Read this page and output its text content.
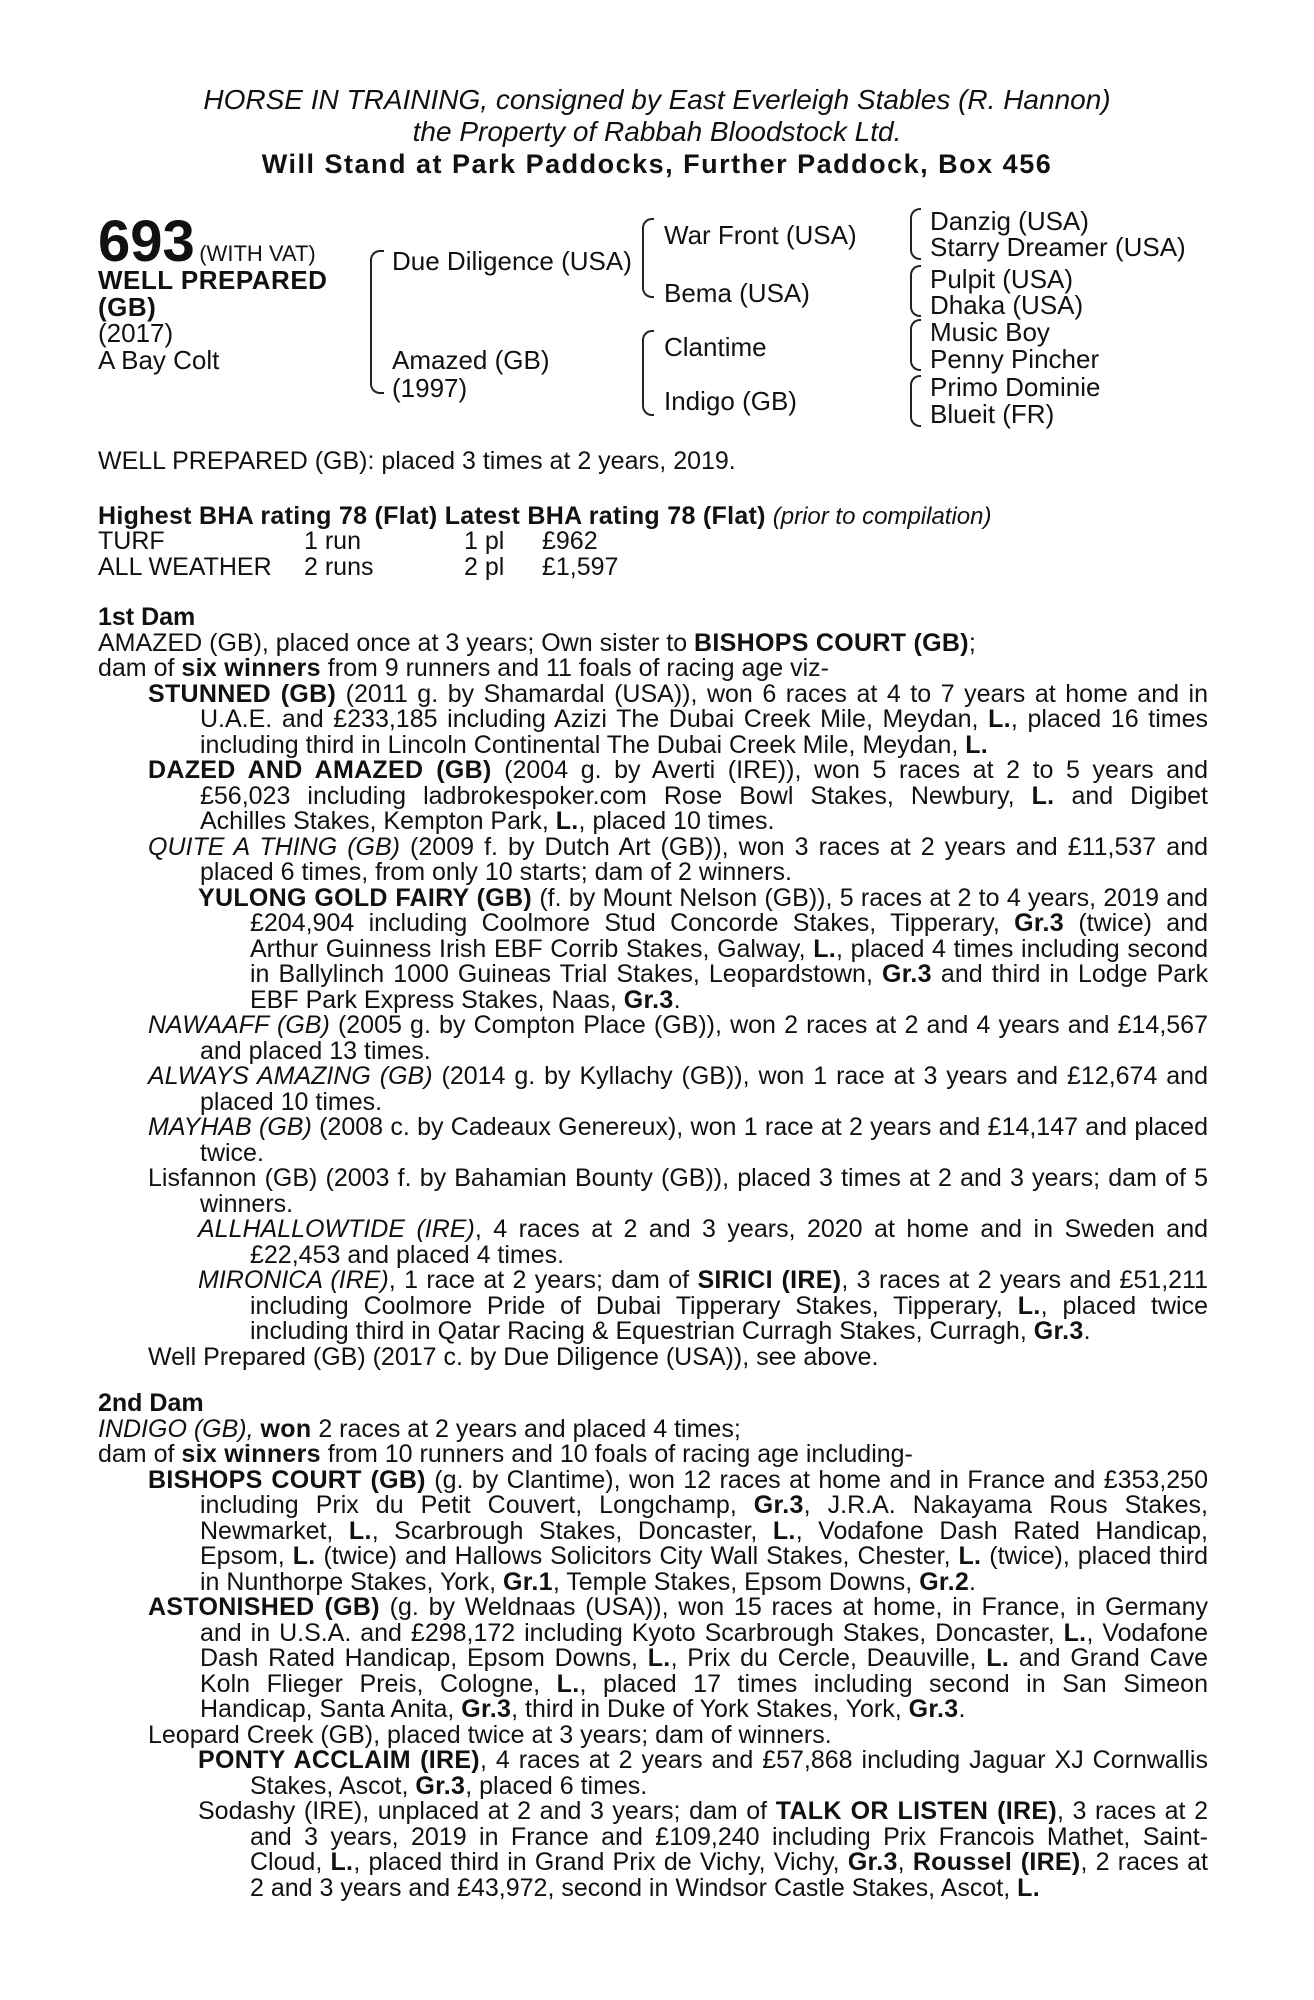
HORSE IN TRAINING, consigned by East Everleigh Stables (R. Hannon)
the Property of Rabbah Bloodstock Ltd.
Will Stand at Park Paddocks, Further Paddock, Box 456
693 (WITH VAT)
WELL PREPARED
(GB)
(2017)
A Bay Colt
Due Diligence (USA)
Amazed (GB)
(1997)
War Front (USA)
Bema (USA)
Clantime
Indigo (GB)
Danzig (USA)
Starry Dreamer (USA)
Pulpit (USA)
Dhaka (USA)
Music Boy
Penny Pincher
Primo Dominie
Blueit (FR)
WELL PREPARED (GB): placed 3 times at 2 years, 2019.
Highest BHA rating 78 (Flat) Latest BHA rating 78 (Flat) (prior to compilation)
TURF	1 run	1 pl	£962
ALL WEATHER	2 runs	2 pl	£1,597

1st Dam

AMAZED (GB), placed once at 3 years; Own sister to BISHOPS COURT (GB);

dam of six winners from 9 runners and 11 foals of racing age viz-

STUNNED (GB) (2011 g. by Shamardal (USA)), won 6 races at 4 to 7 years at home and in U.A.E. and £233,185 including Azizi The Dubai Creek Mile, Meydan, L., placed 16 times including third in Lincoln Continental The Dubai Creek Mile, Meydan, L.

DAZED AND AMAZED (GB) (2004 g. by Averti (IRE)), won 5 races at 2 to 5 years and £56,023 including ladbrokespoker.com Rose Bowl Stakes, Newbury, L. and Digibet Achilles Stakes, Kempton Park, L., placed 10 times.

QUITE A THING (GB) (2009 f. by Dutch Art (GB)), won 3 races at 2 years and £11,537 and placed 6 times, from only 10 starts; dam of 2 winners.

YULONG GOLD FAIRY (GB) (f. by Mount Nelson (GB)), 5 races at 2 to 4 years, 2019 and £204,904 including Coolmore Stud Concorde Stakes, Tipperary, Gr.3 (twice) and Arthur Guinness Irish EBF Corrib Stakes, Galway, L., placed 4 times including second in Ballylinch 1000 Guineas Trial Stakes, Leopardstown, Gr.3 and third in Lodge Park EBF Park Express Stakes, Naas, Gr.3.

NAWAAFF (GB) (2005 g. by Compton Place (GB)), won 2 races at 2 and 4 years and £14,567 and placed 13 times.

ALWAYS AMAZING (GB) (2014 g. by Kyllachy (GB)), won 1 race at 3 years and £12,674 and placed 10 times.

MAYHAB (GB) (2008 c. by Cadeaux Genereux), won 1 race at 2 years and £14,147 and placed twice.

Lisfannon (GB) (2003 f. by Bahamian Bounty (GB)), placed 3 times at 2 and 3 years; dam of 5 winners.

ALLHALLOWTIDE (IRE), 4 races at 2 and 3 years, 2020 at home and in Sweden and £22,453 and placed 4 times.

MIRONICA (IRE), 1 race at 2 years; dam of SIRICI (IRE), 3 races at 2 years and £51,211 including Coolmore Pride of Dubai Tipperary Stakes, Tipperary, L., placed twice including third in Qatar Racing & Equestrian Curragh Stakes, Curragh, Gr.3.

Well Prepared (GB) (2017 c. by Due Diligence (USA)), see above.

2nd Dam

INDIGO (GB), won 2 races at 2 years and placed 4 times;

dam of six winners from 10 runners and 10 foals of racing age including-

BISHOPS COURT (GB) (g. by Clantime), won 12 races at home and in France and £353,250 including Prix du Petit Couvert, Longchamp, Gr.3, J.R.A. Nakayama Rous Stakes, Newmarket, L., Scarbrough Stakes, Doncaster, L., Vodafone Dash Rated Handicap, Epsom, L. (twice) and Hallows Solicitors City Wall Stakes, Chester, L. (twice), placed third in Nunthorpe Stakes, York, Gr.1, Temple Stakes, Epsom Downs, Gr.2.

ASTONISHED (GB) (g. by Weldnaas (USA)), won 15 races at home, in France, in Germany and in U.S.A. and £298,172 including Kyoto Scarbrough Stakes, Doncaster, L., Vodafone Dash Rated Handicap, Epsom Downs, L., Prix du Cercle, Deauville, L. and Grand Cave Koln Flieger Preis, Cologne, L., placed 17 times including second in San Simeon Handicap, Santa Anita, Gr.3, third in Duke of York Stakes, York, Gr.3.

Leopard Creek (GB), placed twice at 3 years; dam of winners.

PONTY ACCLAIM (IRE), 4 races at 2 years and £57,868 including Jaguar XJ Cornwallis Stakes, Ascot, Gr.3, placed 6 times.

Sodashy (IRE), unplaced at 2 and 3 years; dam of TALK OR LISTEN (IRE), 3 races at 2 and 3 years, 2019 in France and £109,240 including Prix Francois Mathet, Saint-Cloud, L., placed third in Grand Prix de Vichy, Vichy, Gr.3, Roussel (IRE), 2 races at 2 and 3 years and £43,972, second in Windsor Castle Stakes, Ascot, L.
